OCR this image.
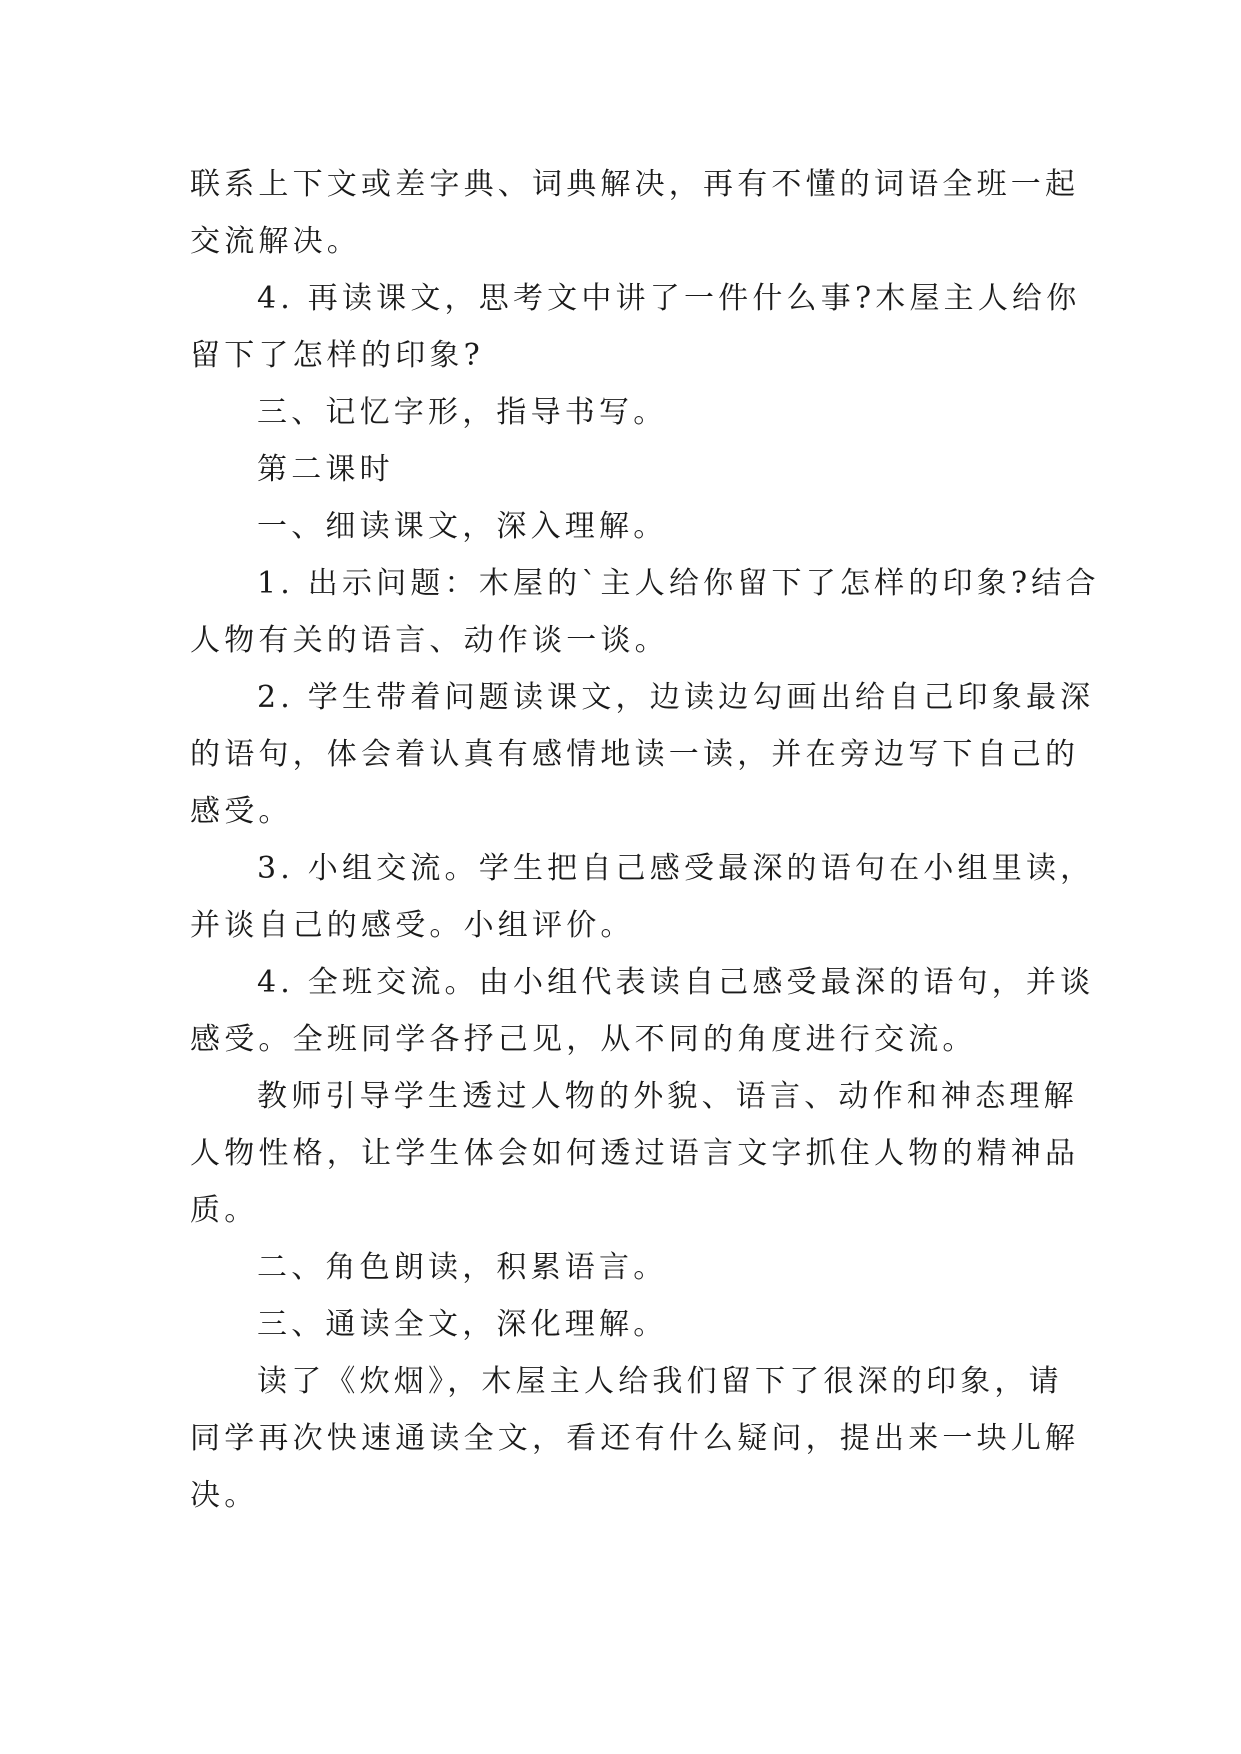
联系上下文或差字典、词典解决，再有不懂的词语全班一起
交流解决。
4. 再读课文，思考文中讲了一件什么事?木屋主人给你
留下了怎样的印象?
三、记忆字形，指导书写。
第二课时
一、细读课文，深入理解。
1. 出示问题：木屋的`主人给你留下了怎样的印象?结合
人物有关的语言、动作谈一谈。
2. 学生带着问题读课文，边读边勾画出给自己印象最深
的语句，体会着认真有感情地读一读，并在旁边写下自己的
感受。
3. 小组交流。学生把自己感受最深的语句在小组里读，
并谈自己的感受。小组评价。
4. 全班交流。由小组代表读自己感受最深的语句，并谈
感受。全班同学各抒己见，从不同的角度进行交流。
教师引导学生透过人物的外貌、语言、动作和神态理解
人物性格，让学生体会如何透过语言文字抓住人物的精神品
质。
二、角色朗读，积累语言。
三、通读全文，深化理解。
读了《炊烟》，木屋主人给我们留下了很深的印象，请
同学再次快速通读全文，看还有什么疑问，提出来一块儿解
决。
